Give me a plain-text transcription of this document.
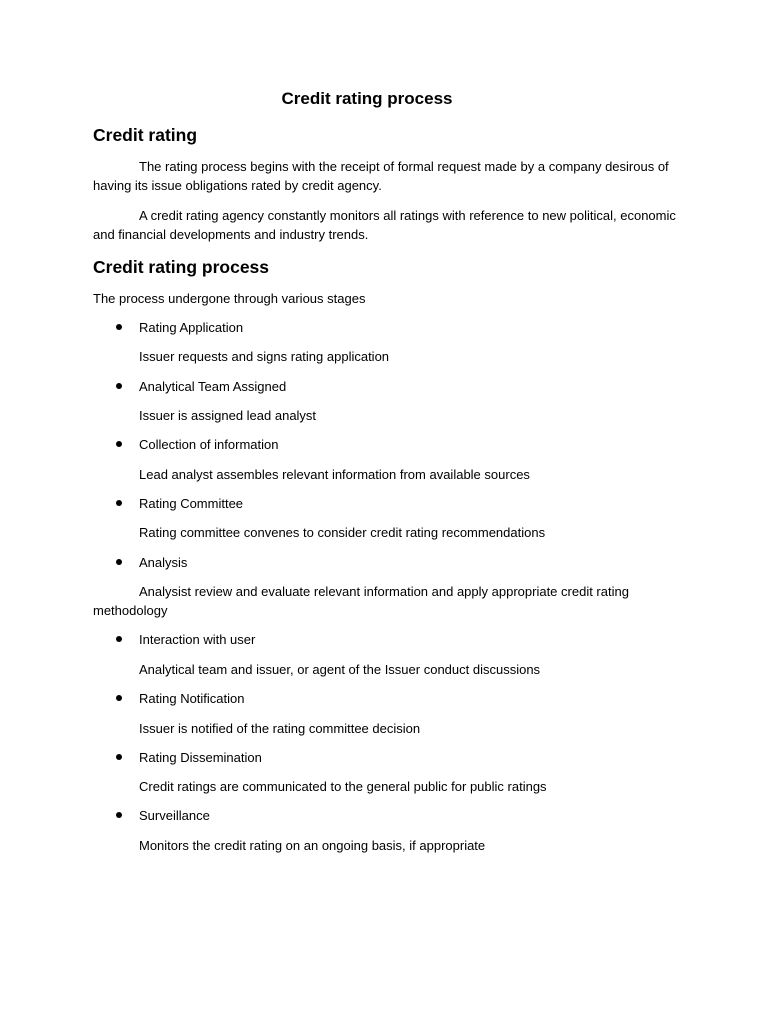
Credit rating process
Credit rating
The rating process begins with the receipt of formal request made by a company desirous of having its issue obligations rated by credit agency.
A credit rating agency constantly monitors all ratings with reference to new political, economic and financial developments and industry trends.
Credit rating process
The process undergone through various stages
Rating Application
Issuer requests and signs rating application
Analytical Team Assigned
Issuer is assigned lead analyst
Collection of information
Lead analyst assembles relevant information from available sources
Rating Committee
Rating committee convenes to consider credit rating recommendations
Analysis
Analysist review and evaluate relevant information and apply appropriate credit rating methodology
Interaction with user
Analytical team and issuer, or agent of the Issuer conduct discussions
Rating Notification
Issuer is notified of the rating committee decision
Rating Dissemination
Credit ratings are communicated to the general public for public ratings
Surveillance
Monitors the credit rating on an ongoing basis, if appropriate
